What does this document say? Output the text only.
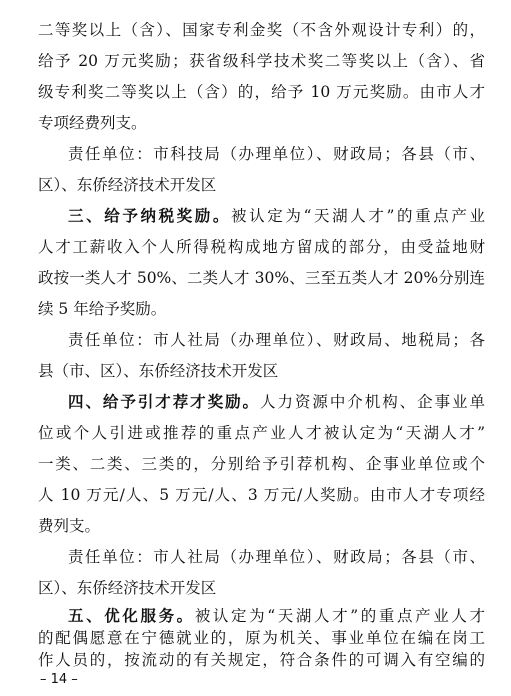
二等奖以上（含）、国家专利金奖（不含外观设计专利）的，
给予 20 万元奖励；获省级科学技术奖二等奖以上（含）、省
级专利奖二等奖以上（含）的，给予 10 万元奖励。由市人才
专项经费列支。
责任单位：市科技局（办理单位）、财政局；各县（市、
区）、东侨经济技术开发区
三、给予纳税奖励。被认定为“天湖人才”的重点产业
人才工薪收入个人所得税构成地方留成的部分，由受益地财
政按一类人才 50%、二类人才 30%、三至五类人才 20%分别连
续 5 年给予奖励。
责任单位：市人社局（办理单位）、财政局、地税局；各
县（市、区）、东侨经济技术开发区
四、给予引才荐才奖励。人力资源中介机构、企事业单
位或个人引进或推荐的重点产业人才被认定为“天湖人才”
一类、二类、三类的，分别给予引荐机构、企事业单位或个
人 10 万元/人、5 万元/人、3 万元/人奖励。由市人才专项经
费列支。
责任单位：市人社局（办理单位）、财政局；各县（市、
区）、东侨经济技术开发区
五、优化服务。被认定为“天湖人才”的重点产业人才
的配偶愿意在宁德就业的，原为机关、事业单位在编在岗工
– 14 –
作人员的，按流动的有关规定，符合条件的可调入有空编的
